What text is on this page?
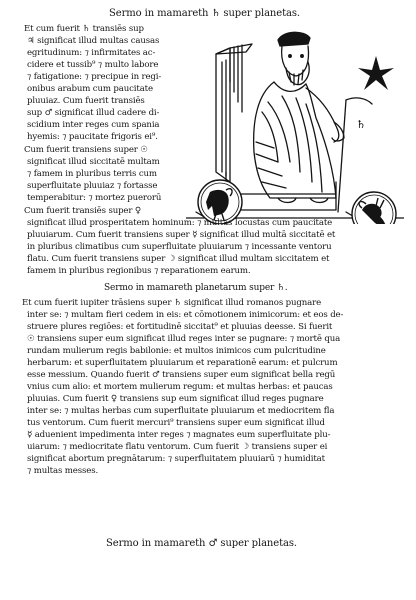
Sermo in mamareth ♄ super planetas.
Et cum fuerit ♄ transiēs sup
♃ significat illud multas causas
egritudinum: ⁊ infirmitates ac-
cidere et tussib⁹ ⁊ multo labore
⁊ fatigatione: ⁊ precipue in regi-
onibus arabum cum paucitate
pluuiaz. Cum fuerit transiēs
sup ♂ significat illud cadere di-
scidium inter reges cum spania
hyemis: ⁊ paucitate frigoris ei⁹.
Cum fuerit transiens super ☉
significat illud siccitatē multam
⁊ famem in pluribus terris cum
superfluitate pluuiaz ⁊ fortasse
temperabitur: ⁊ mortez puerorū
Cum fuerit transiēs super ♀
♄
significat illud prosperitatem hominum: ⁊ multas locustas cum paucitate
pluuiarum. Cum fuerit transiens super ☿ significat illud multā siccitatē et
in pluribus climatibus cum superfluitate pluuiarum ⁊ incessante ventoru
flatu. Cum fuerit transiens super ☽ significat illud multam siccitatem et
famem in pluribus regionibus ⁊ reparationem earum.
Sermo in mamareth planetarum super ♄.
Et cum fuerit iupiter trāsiens super ♄ significat illud romanos pugnare
inter se: ⁊ multam fieri cedem in eis: et cōmotionem inimicorum: et eos de-
struere plures regiōes: et fortitudinē siccitat⁹ et pluuias deesse. Si fuerit
☉ transiens super eum significat illud reges inter se pugnare: ⁊ mortē qua
rundam mulierum regis babilonie: et multos inimicos cum pulcritudine
herbarum: et superfluitatem pluuiarum et reparationē earum: et pulcrum
esse messium. Quando fuerit ♂ transiens super eum significat bella regū
vnius cum alio: et mortem mulierum regum: et multas herbas: et paucas
pluuias. Cum fuerit ♀ transiens sup eum significat illud reges pugnare
inter se: ⁊ multas herbas cum superfluitate pluuiarum et mediocritem fla
tus ventorum. Cum fuerit mercuri⁹ transiens super eum significat illud
☿ aduenient impedimenta inter reges ⁊ magnates eum superfluitate plu-
uiarum: ⁊ mediocritate flatu ventorum. Cum fuerit ☽ transiens super ei
significat abortum pregnātarum: ⁊ superfluitatem pluuiarū ⁊ humiditat
⁊ multas messes.
Sermo in mamareth ♂ super planetas.
